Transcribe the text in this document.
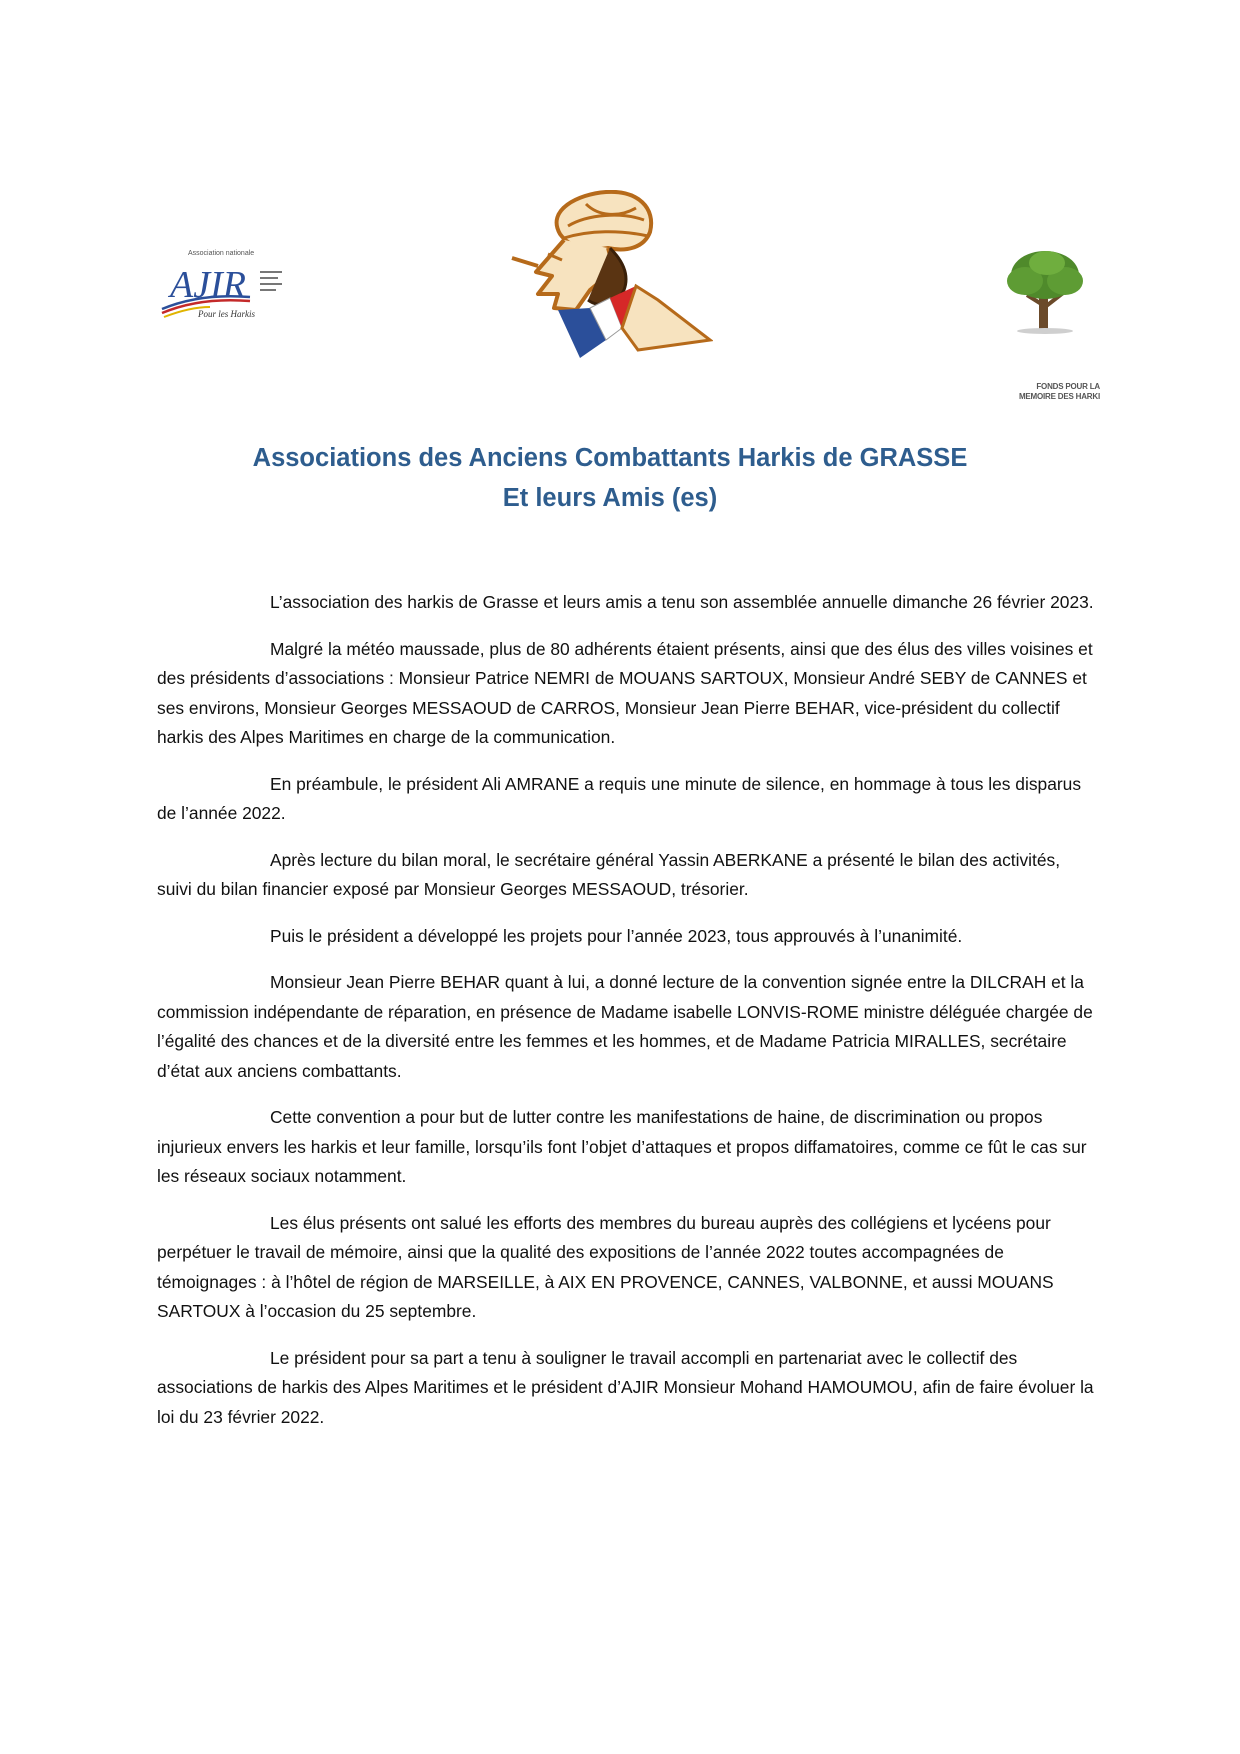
Association nationale
AJIR
Pour les Harkis
FONDS POUR LA
MEMOIRE DES HARKI
Associations des Anciens Combattants Harkis de GRASSE
Et leurs Amis (es)

L’association des harkis de Grasse et leurs amis a tenu son assemblée annuelle dimanche 26 février 2023.

Malgré la météo maussade, plus de 80 adhérents étaient présents, ainsi que des élus des villes voisines et des présidents d’associations : Monsieur Patrice NEMRI de MOUANS SARTOUX, Monsieur André SEBY de CANNES et ses environs, Monsieur Georges MESSAOUD de CARROS, Monsieur Jean Pierre BEHAR, vice-président du collectif harkis des Alpes Maritimes en charge de la communication.

En préambule, le président Ali AMRANE a requis une minute de silence, en hommage à tous les disparus de l’année 2022.

Après lecture du bilan moral, le secrétaire général Yassin ABERKANE a présenté le bilan des activités, suivi du bilan financier exposé par Monsieur Georges MESSAOUD, trésorier.

Puis le président a développé les projets pour l’année 2023, tous approuvés à l’unanimité.

Monsieur Jean Pierre BEHAR quant à lui, a donné lecture de la convention signée entre la DILCRAH et la commission indépendante de réparation, en présence de Madame isabelle LONVIS-ROME ministre déléguée chargée de l’égalité des chances et de la diversité entre les femmes et les hommes, et de Madame Patricia MIRALLES, secrétaire d’état aux anciens combattants.

Cette convention a pour but de lutter contre les manifestations de haine, de discrimination ou propos injurieux envers les harkis et leur famille, lorsqu’ils font l’objet d’attaques et propos diffamatoires, comme ce fût le cas sur les réseaux sociaux notamment.

Les élus présents ont salué les efforts des membres du bureau auprès des collégiens et lycéens pour perpétuer le travail de mémoire, ainsi que la qualité des expositions de l’année 2022 toutes accompagnées de témoignages : à l’hôtel de région de MARSEILLE, à AIX EN PROVENCE, CANNES, VALBONNE, et aussi MOUANS SARTOUX à l’occasion du 25 septembre.

Le président pour sa part a tenu à souligner le travail accompli en partenariat avec le collectif des associations de harkis des Alpes Maritimes et le président d’AJIR Monsieur Mohand HAMOUMOU, afin de faire évoluer la loi du 23 février 2022.
